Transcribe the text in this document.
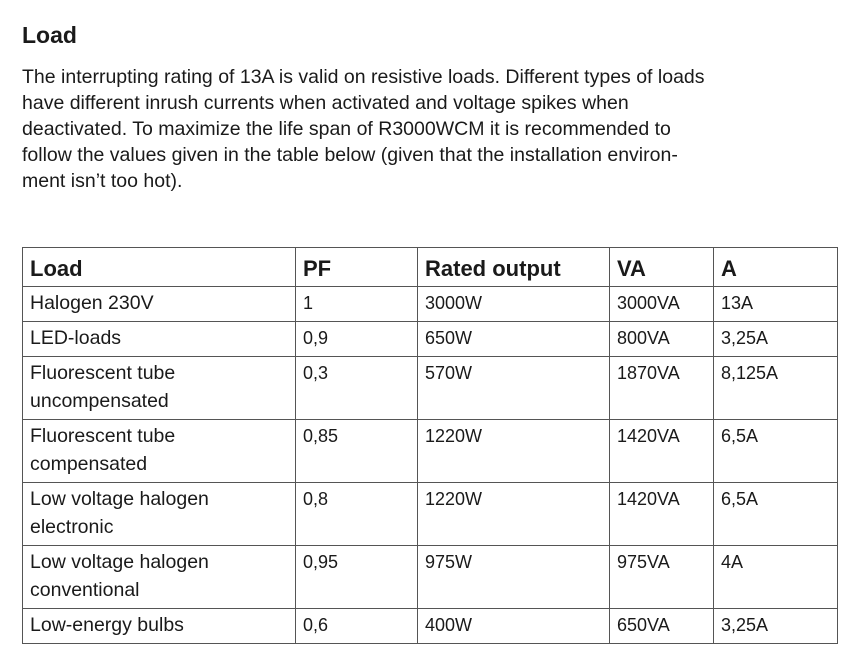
Load

The interrupting rating of 13A is valid on resistive loads. Different types of loads
have different inrush currents when activated and voltage spikes when
deactivated. To maximize the life span of R3000WCM it is recommended to
follow the values given in the table below (given that the installation environ-
ment isn’t too hot).

Load	PF	Rated output	VA	A

Halogen 230V	1	3000W	3000VA	13A

LED-loads	0,9	650W	800VA	3,25A

Fluorescent tube
uncompensated	0,3	570W	1870VA	8,125A

Fluorescent tube
compensated	0,85	1220W	1420VA	6,5A

Low voltage halogen
electronic	0,8	1220W	1420VA	6,5A

Low voltage halogen
conventional	0,95	975W	975VA	4A

Low-energy bulbs	0,6	400W	650VA	3,25A
